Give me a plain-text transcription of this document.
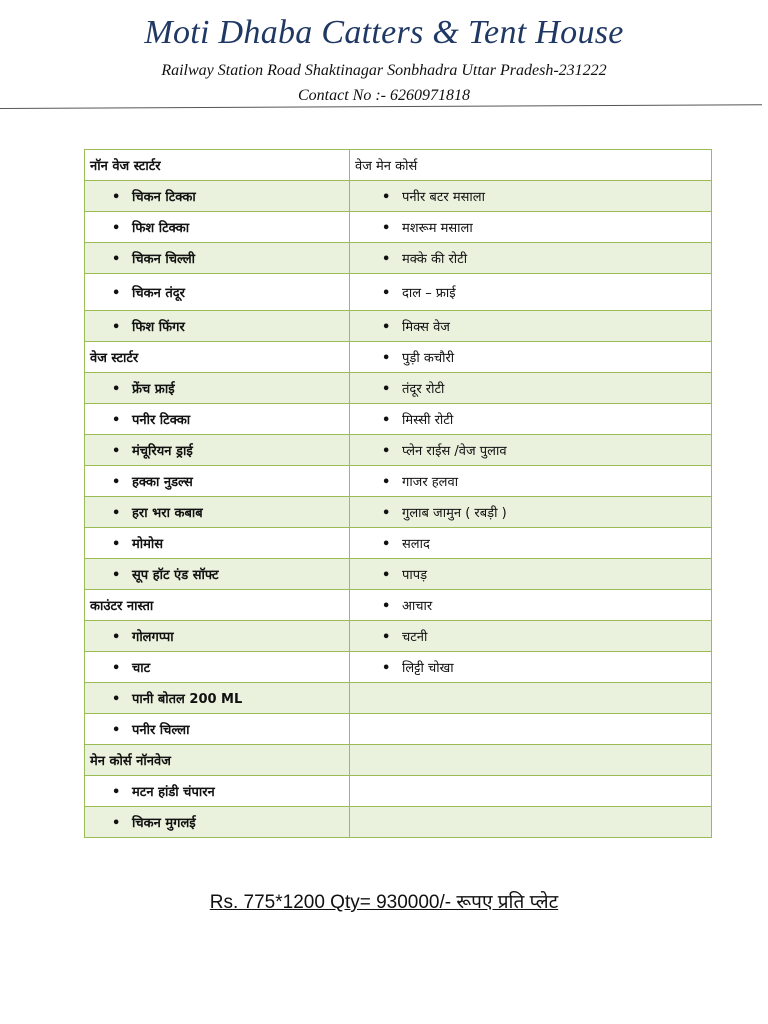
Moti Dhaba Catters & Tent House
Railway Station Road Shaktinagar Sonbhadra Uttar Pradesh-231222
Contact No :- 6260971818
नॉन वेज स्टार्टर	वेज मेन कोर्स
• चिकन टिक्का	• पनीर बटर मसाला
• फिश टिक्का	• मशरूम मसाला
• चिकन चिल्ली	• मक्के की रोटी
• चिकन तंदूर	• दाल – फ्राई
• फिश फिंगर	• मिक्स वेज
वेज स्टार्टर	• पुड़ी कचौरी
• फ्रेंच फ्राई	• तंदूर रोटी
• पनीर टिक्का	• मिस्सी रोटी
• मंचूरियन ड्राई	• प्लेन राईस /वेज पुलाव
• हक्का नुडल्स	• गाजर हलवा
• हरा भरा कबाब	• गुलाब जामुन ( रबड़ी )
• मोमोस	• सलाद
• सूप हॉट एंड सॉफ्ट	• पापड़
काउंटर नास्ता	• आचार
• गोलगप्पा	• चटनी
• चाट	• लिट्टी चोखा
• पानी बोतल 200 ML	
• पनीर चिल्ला	
मेन कोर्स नॉनवेज	
• मटन हांडी चंपारन	
• चिकन मुगलई	
Rs. 775*1200 Qty= 930000/- रूपए प्रति प्लेट
